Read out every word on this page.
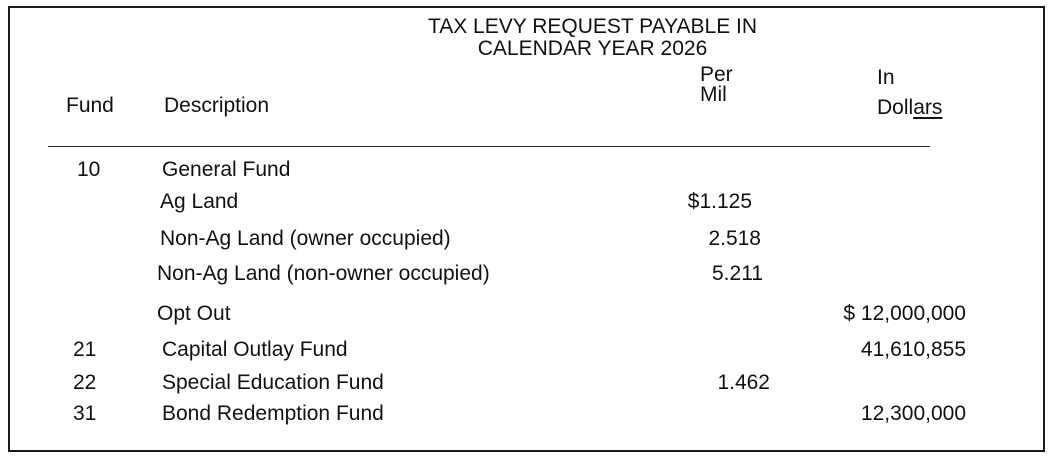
TAX LEVY REQUEST PAYABLE IN
CALENDAR YEAR 2026
Fund Description
Per
Mil
In
Dollars
10	General Fund
Ag Land	$1.125
Non-Ag Land (owner occupied)	2.518
Non-Ag Land (non-owner occupied)	5.211
Opt Out	$ 12,000,000
21	Capital Outlay Fund	41,610,855
22	Special Education Fund	1.462
31	Bond Redemption Fund	12,300,000
